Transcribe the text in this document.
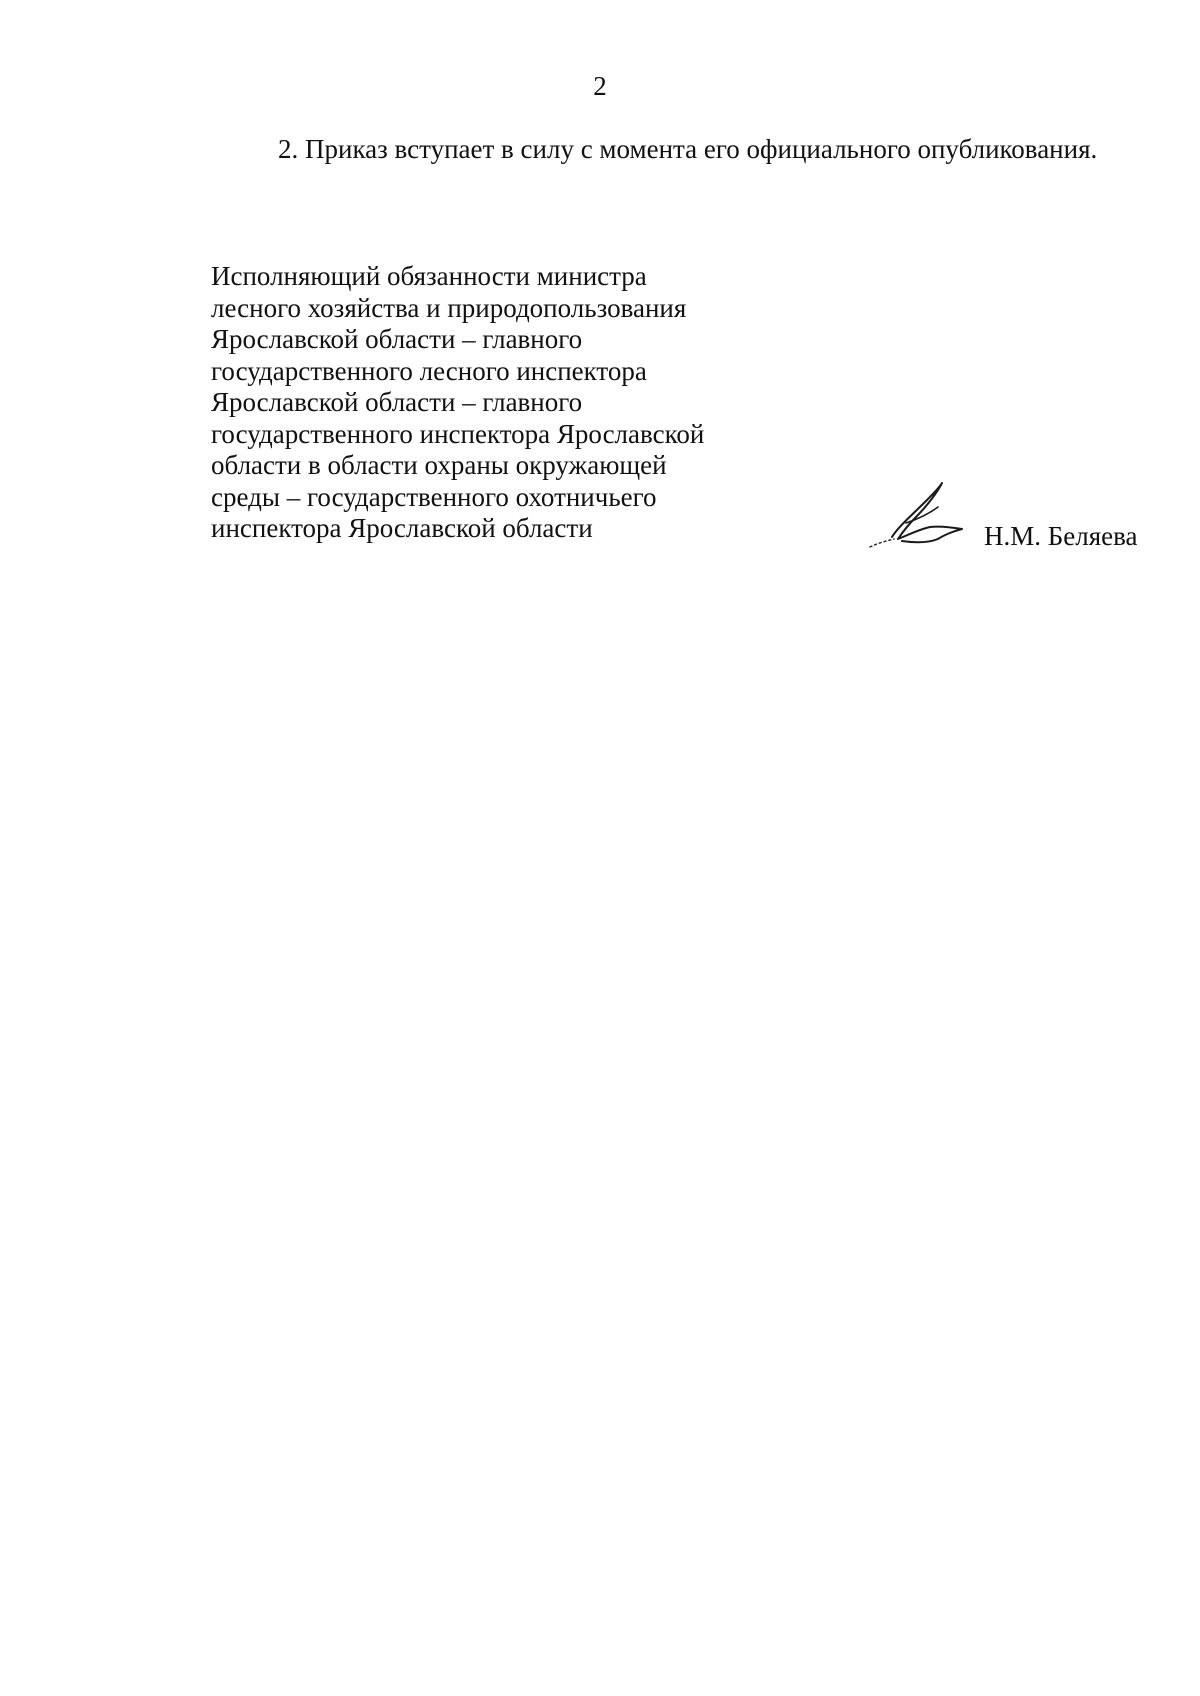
2
2. Приказ вступает в силу с момента его официального опубликования.
Исполняющий обязанности министра
лесного хозяйства и природопользования
Ярославской области – главного
государственного лесного инспектора
Ярославской области – главного
государственного инспектора Ярославской
области в области охраны окружающей
среды – государственного охотничьего
инспектора Ярославской области	Н.М. Беляева
